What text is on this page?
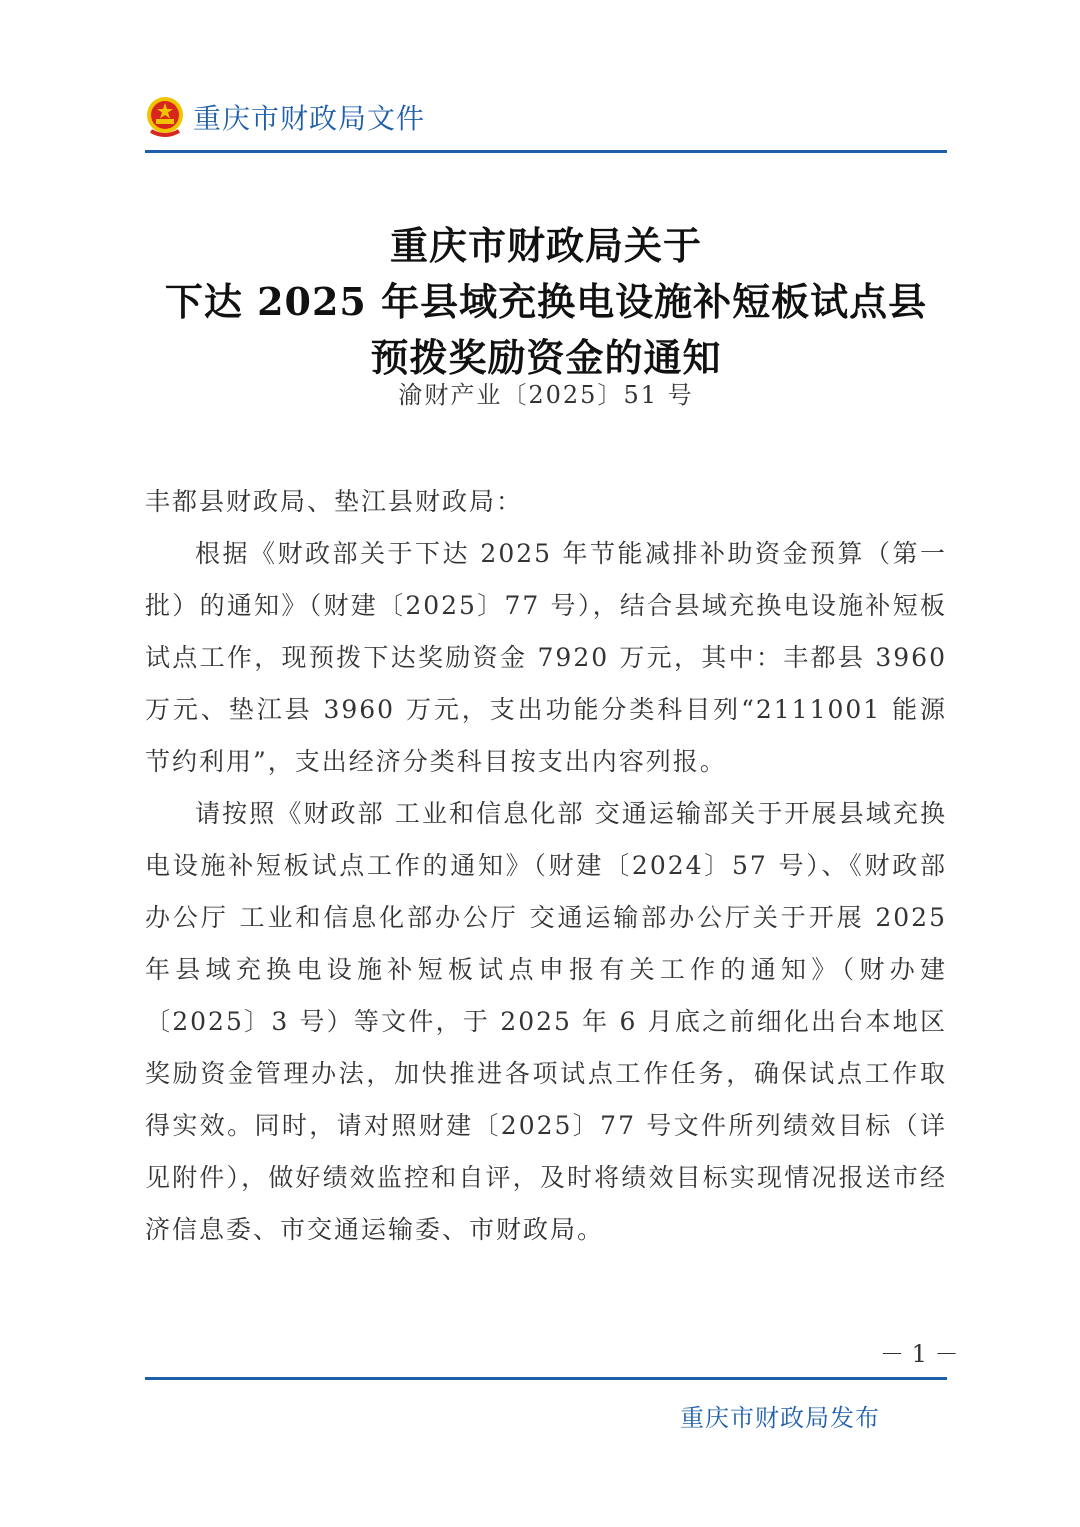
重庆市财政局文件
重庆市财政局关于
下达 2025 年县域充换电设施补短板试点县
预拨奖励资金的通知
渝财产业〔2025〕51 号
丰都县财政局、垫江县财政局：

根据《财政部关于下达 2025 年节能减排补助资金预算（第一批）的通知》（财建〔2025〕77 号），结合县域充换电设施补短板试点工作，现预拨下达奖励资金 7920 万元，其中：丰都县 3960 万元、垫江县 3960 万元，支出功能分类科目列“2111001 能源节约利用”，支出经济分类科目按支出内容列报。

请按照《财政部 工业和信息化部 交通运输部关于开展县域充换电设施补短板试点工作的通知》（财建〔2024〕57 号）、《财政部办公厅 工业和信息化部办公厅 交通运输部办公厅关于开展 2025 年县域充换电设施补短板试点申报有关工作的通知》（财办建〔2025〕3 号）等文件，于 2025 年 6 月底之前细化出台本地区奖励资金管理办法，加快推进各项试点工作任务，确保试点工作取得实效。同时，请对照财建〔2025〕77 号文件所列绩效目标（详见附件），做好绩效监控和自评，及时将绩效目标实现情况报送市经济信息委、市交通运输委、市财政局。

－ 1 －
重庆市财政局发布
